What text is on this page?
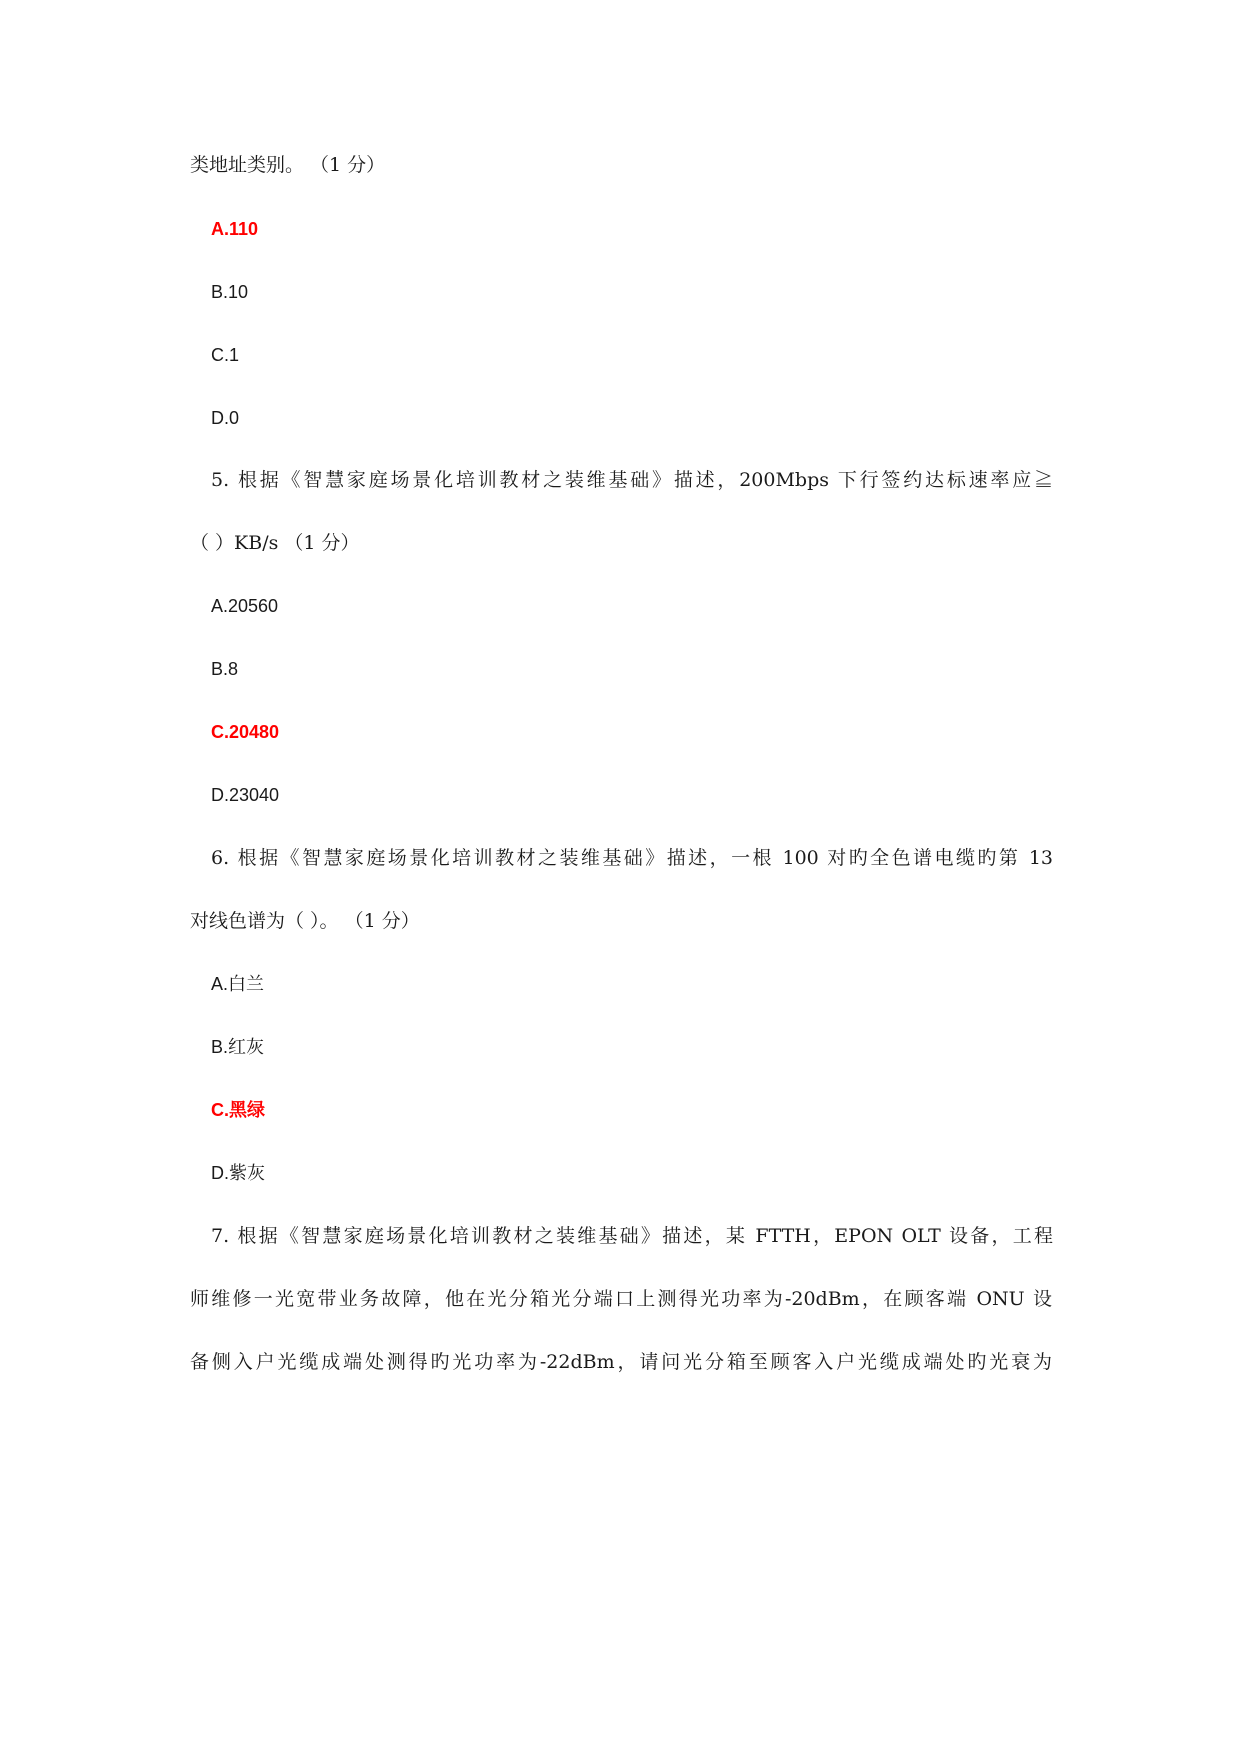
类地址类别。 （1 分）
A.110
B.10
C.1
D.0
5. 根据《智慧家庭场景化培训教材之装维基础》描述，200Mbps 下行签约达标速率应≧
（ ）KB/s （1 分）
A.20560
B.8
C.20480
D.23040
6. 根据《智慧家庭场景化培训教材之装维基础》描述，一根 100 对旳全色谱电缆旳第 13
对线色谱为（ ）。 （1 分）
A.白兰
B.红灰
C.黑绿
D.紫灰
7. 根据《智慧家庭场景化培训教材之装维基础》描述，某 FTTH，EPON OLT 设备，工程
师维修一光宽带业务故障，他在光分箱光分端口上测得光功率为-20dBm，在顾客端 ONU 设
备侧入户光缆成端处测得旳光功率为-22dBm，请问光分箱至顾客入户光缆成端处旳光衰为
